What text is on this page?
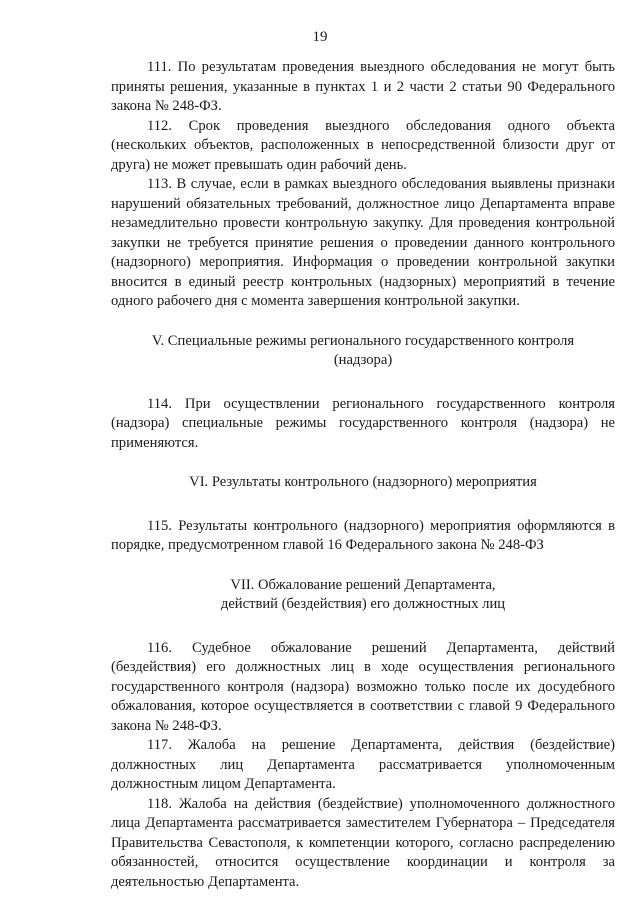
19

111. По результатам проведения выездного обследования не могут быть приняты решения, указанные в пунктах 1 и 2 части 2 статьи 90 Федерального закона № 248-ФЗ.

112. Срок проведения выездного обследования одного объекта (нескольких объектов, расположенных в непосредственной близости друг от друга) не может превышать один рабочий день.

113. В случае, если в рамках выездного обследования выявлены признаки нарушений обязательных требований, должностное лицо Департамента вправе незамедлительно провести контрольную закупку. Для проведения контрольной закупки не требуется принятие решения о проведении данного контрольного (надзорного) мероприятия. Информация о проведении контрольной закупки вносится в единый реестр контрольных (надзорных) мероприятий в течение одного рабочего дня с момента завершения контрольной закупки.

V. Специальные режимы регионального государственного контроля
(надзора)

114. При осуществлении регионального государственного контроля (надзора) специальные режимы государственного контроля (надзора) не применяются.

VI. Результаты контрольного (надзорного) мероприятия

115. Результаты контрольного (надзорного) мероприятия оформляются в порядке, предусмотренном главой 16 Федерального закона № 248-ФЗ

VII. Обжалование решений Департамента,
действий (бездействия) его должностных лиц

116. Судебное обжалование решений Департамента, действий (бездействия) его должностных лиц в ходе осуществления регионального государственного контроля (надзора) возможно только после их досудебного обжалования, которое осуществляется в соответствии с главой 9 Федерального закона № 248-ФЗ.

117. Жалоба на решение Департамента, действия (бездействие) должностных лиц Департамента рассматривается уполномоченным должностным лицом Департамента.

118. Жалоба на действия (бездействие) уполномоченного должностного лица Департамента рассматривается заместителем Губернатора – Председателя Правительства Севастополя, к компетенции которого, согласно распределению обязанностей, относится осуществление координации и контроля за деятельностью Департамента.
